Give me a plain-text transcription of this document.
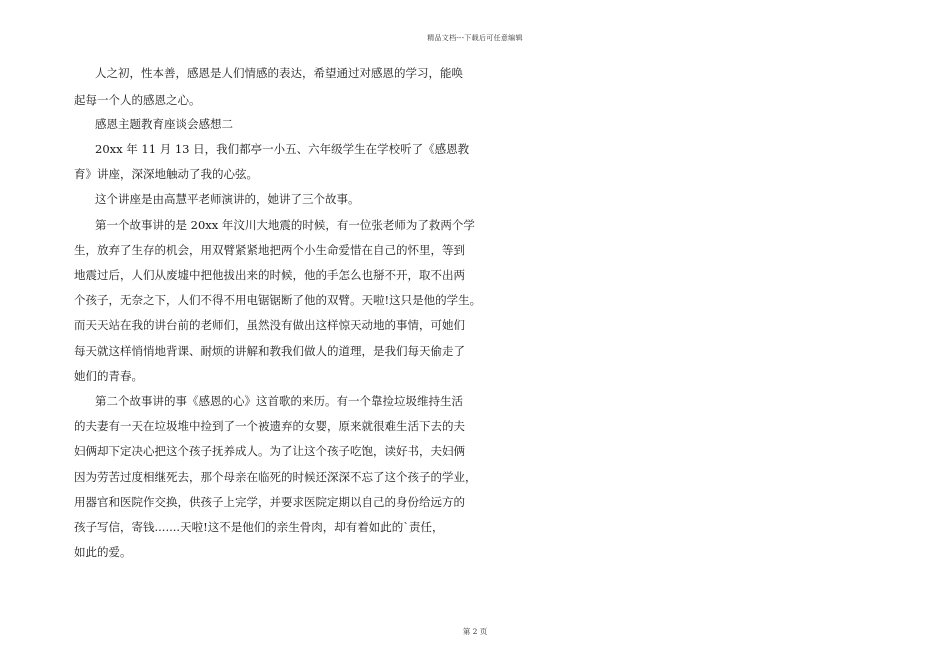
精品文档---下载后可任意编辑
人之初，性本善，感恩是人们情感的表达，希望通过对感恩的学习，能唤
起每一个人的感恩之心。
感恩主题教育座谈会感想二
20xx 年 11 月 13 日，我们都亭一小五、六年级学生在学校听了《感恩教
育》讲座，深深地触动了我的心弦。
这个讲座是由高慧平老师演讲的，她讲了三个故事。
第一个故事讲的是 20xx 年汶川大地震的时候，有一位张老师为了救两个学
生，放弃了生存的机会，用双臂紧紧地把两个小生命爱惜在自己的怀里，等到
地震过后，人们从废墟中把他拔出来的时候，他的手怎么也掰不开，取不出两
个孩子，无奈之下，人们不得不用电锯锯断了他的双臂。天啦!这只是他的学生。
而天天站在我的讲台前的老师们，虽然没有做出这样惊天动地的事情，可她们
每天就这样悄悄地背课、耐烦的讲解和教我们做人的道理，是我们每天偷走了
她们的青春。
第二个故事讲的事《感恩的心》这首歌的来历。有一个靠捡垃圾维持生活
的夫妻有一天在垃圾堆中捡到了一个被遗弃的女婴，原来就很难生活下去的夫
妇俩却下定决心把这个孩子抚养成人。为了让这个孩子吃饱，读好书，夫妇俩
因为劳苦过度相继死去，那个母亲在临死的时候还深深不忘了这个孩子的学业，
用器官和医院作交换，供孩子上完学，并要求医院定期以自己的身份给远方的
孩子写信，寄钱.......天啦!这不是他们的亲生骨肉，却有着如此的`责任，
如此的爱。
第 2 页
